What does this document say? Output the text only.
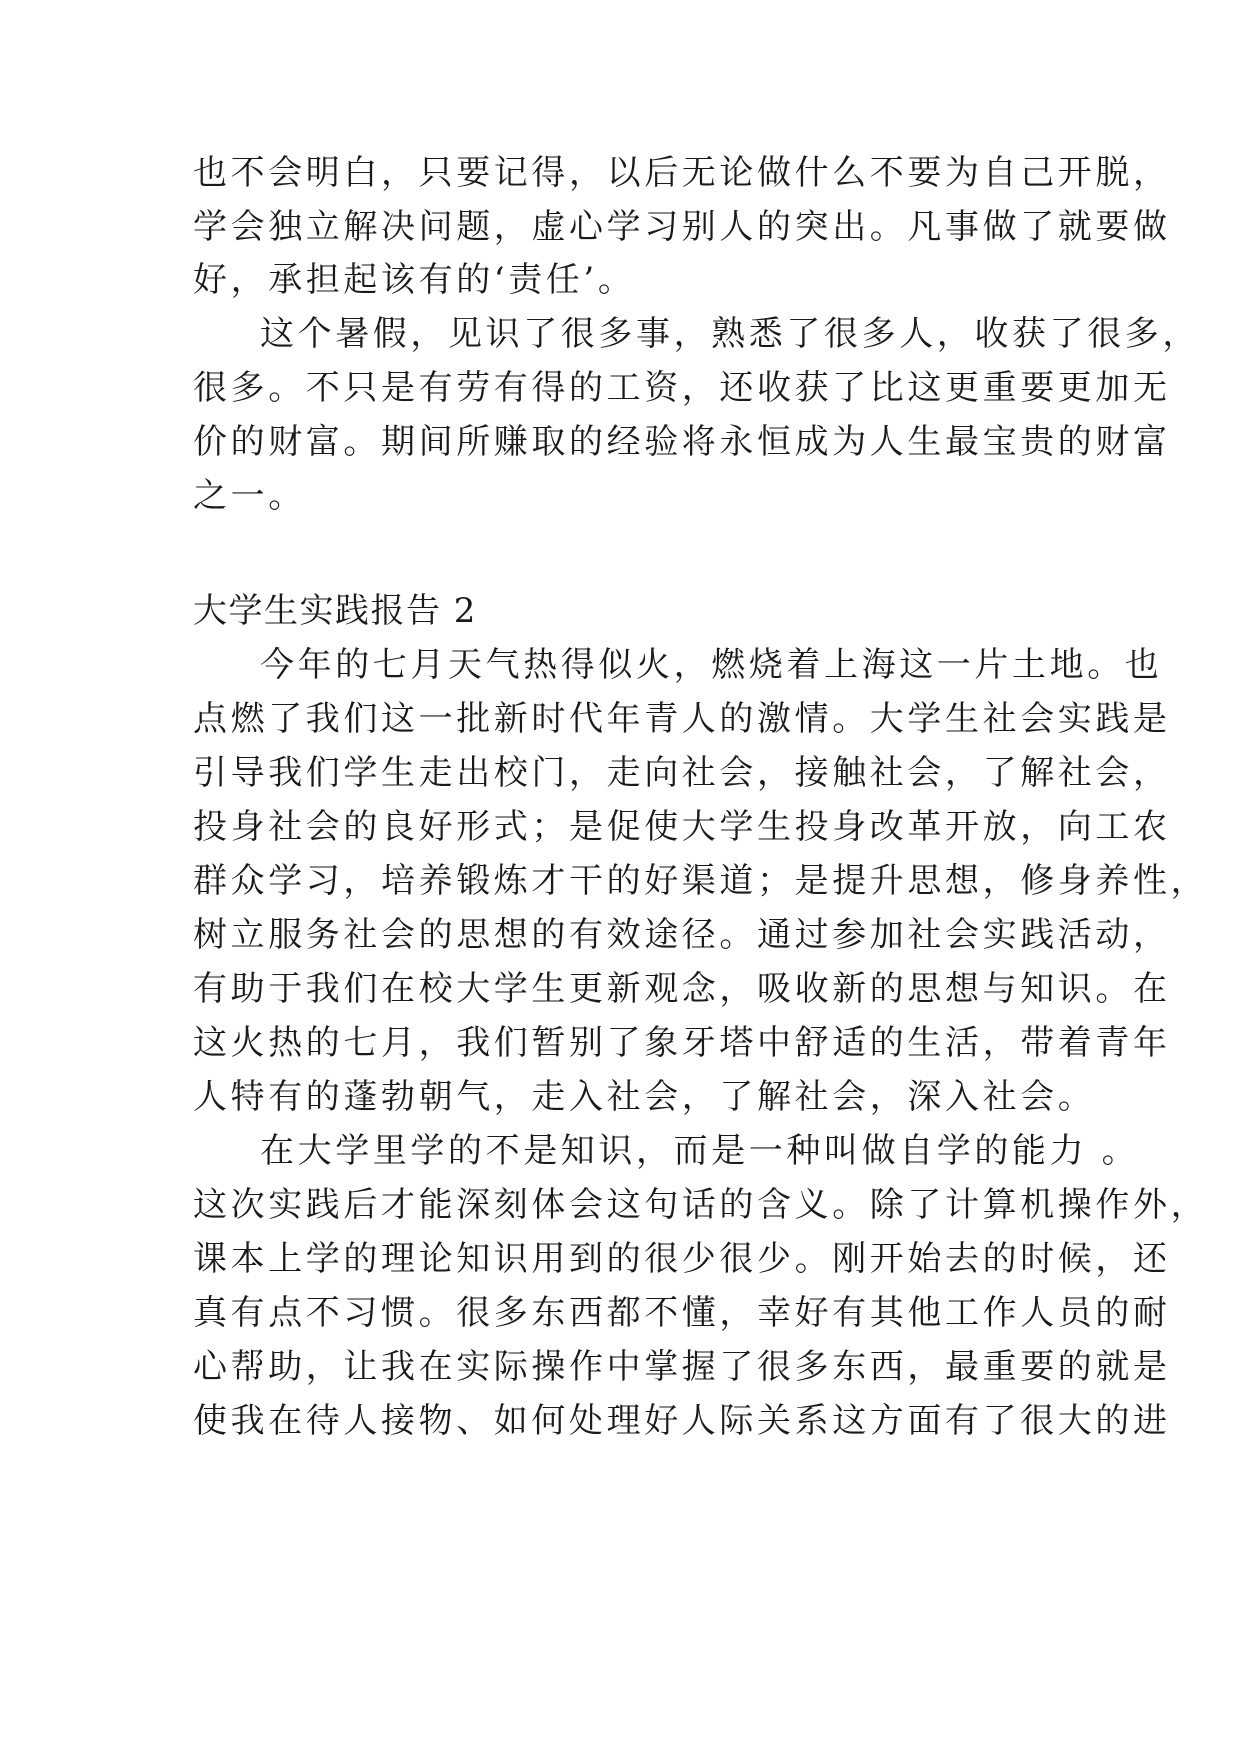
也不会明白，只要记得，以后无论做什么不要为自己开脱，
学会独立解决问题，虚心学习别人的突出。凡事做了就要做
好，承担起该有的‘责任’。
这个暑假，见识了很多事，熟悉了很多人，收获了很多，
很多。不只是有劳有得的工资，还收获了比这更重要更加无
价的财富。期间所赚取的经验将永恒成为人生最宝贵的财富
之一。
大学生实践报告 2
今年的七月天气热得似火，燃烧着上海这一片土地。也
点燃了我们这一批新时代年青人的激情。大学生社会实践是
引导我们学生走出校门，走向社会，接触社会，了解社会，
投身社会的良好形式；是促使大学生投身改革开放，向工农
群众学习，培养锻炼才干的好渠道；是提升思想，修身养性，
树立服务社会的思想的有效途径。通过参加社会实践活动，
有助于我们在校大学生更新观念，吸收新的思想与知识。在
这火热的七月，我们暂别了象牙塔中舒适的生活，带着青年
人特有的蓬勃朝气，走入社会，了解社会，深入社会。
在大学里学的不是知识，而是一种叫做自学的能力 。
这次实践后才能深刻体会这句话的含义。除了计算机操作外，
课本上学的理论知识用到的很少很少。刚开始去的时候，还
真有点不习惯。很多东西都不懂，幸好有其他工作人员的耐
心帮助，让我在实际操作中掌握了很多东西，最重要的就是
使我在待人接物、如何处理好人际关系这方面有了很大的进
